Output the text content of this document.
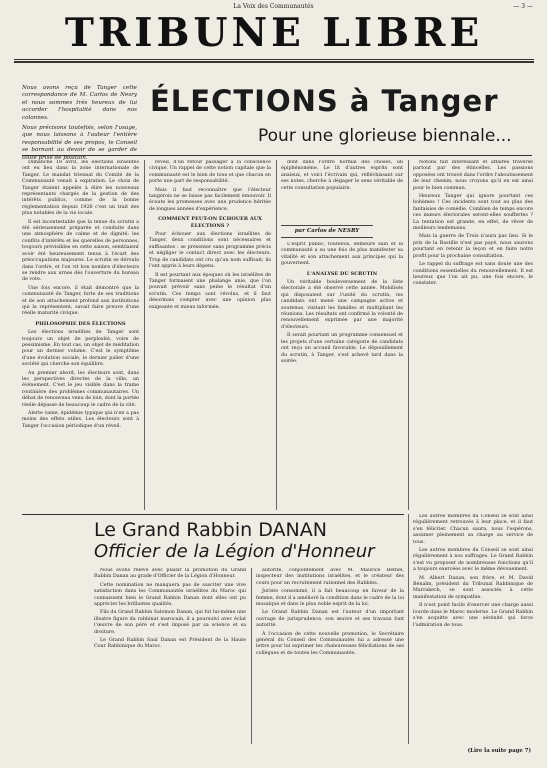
La Voix des Communautés	— 3 —
TRIBUNE LIBRE

Nous avons reçu de Tanger cette correspondance de M. Carlos de Nesry et nous sommes très heureux de lui accorder l'hospitalité dans nos colonnes.

Nous précisons toutefois, selon l'usage, que nous laissons à l'auteur l'entière responsabilité de ses propos, le Conseil se bornant au devoir de se garder de toute prise de position.

ÉLECTIONS à Tanger
Pour une glorieuse biennale...

Dimanche 18 avril, les élections israélites ont eu lieu dans la zone internationale de Tanger. Le mandat triennal du Comité de la Communauté venait à expiration. Le choix de Tanger étaient appelés à élire les nouveaux représentants chargés de la gestion de des intérêts publics, comme de la bonne réglementation depuis 1926 c'est un trait des plus notables de la vie locale.

Il est incontestable que la tenue du scrutin a été sérieusement préparée et conduite dans une atmosphère de calme et de dignité; les conflits d'intérêts et les querelles de personnes, toujours prévisibles en cette saison, semblaient avoir été heureusement tenus à l'écart des préoccupations majeures. Le scrutin se déroula dans l'ordre, et l'on vit bon nombre d'électeurs se rendre aux urnes dès l'ouverture du bureau de vote.

Une fois encore, il était démontré que la communauté de Tanger, forte de ses traditions et de son attachement profond aux institutions qui la représentent, savait faire preuve d'une réelle maturité civique.

PHILOSOPHIE DES ÉLECTIONS

Les élections israélites de Tanger sont toujours un objet de perplexité, voire de pessimisme. En tout cas, un objet de méditation pour un dernier volume. C'est le symptôme d'une évolution sociale, le dernier palier d'une société qui cherche son équilibre.

Au premier abord, les électeurs sont, dans les perspectives directes de la ville, un événement. C'est le jeu visible dans la trame routinière des problèmes communautaires. Un débat de renouveau venu de loin, dont la portée réelle dépasse de beaucoup le cadre de la cité.

Alerte vaine, épidémie typique qui n'en a pas moins des effets utiles. Les électeurs sont à Tanger l'occasion périodique d'un réveil.

réveil, d'un retour passager à la conscience civique. Un rappel de cette notion capitale que la communauté est le bien de tous et que chacun en porte une part de responsabilité.

Mais il faut reconnaître que l'électeur tangérois ne se laisse pas facilement émouvoir. Il écoute les promesses avec une prudence héritée de longues années d'expérience.

COMMENT PEUT-ON ÉCHOUER AUX ÉLECTIONS ?

Pour échouer aux élections israélites de Tanger, deux conditions sont nécessaires et suffisantes : se présenter sans programme précis et négliger le contact direct avec les électeurs. Trop de candidats ont cru qu'un nom suffisait; ils l'ont appris à leurs dépens.

Il est pourtant aux époques où les israélites de Tanger formaient une phalange unie, que l'on pouvait prévoir sans peine le résultat d'un scrutin. Ces temps sont révolus, et il faut désormais compter avec une opinion plus exigeante et mieux informée.

dont dans l'ordre normal des choses, un épiphénomène. Le lit d'autres esprits sont anxieux, et voici l'écrivain qui, réfléchissant sur ses notes, cherche à dégager le sens véritable de cette consultation populaire.

par Carlos de NESRY

L'esprit public, toutefois, demeure sain et la communauté a su une fois de plus manifester sa vitalité et son attachement aux principes qui la gouvernent.

L'ANALYSE DU SCRUTIN

Un véritable bouleversement de la liste électorale a été observé cette année. Mobilisés qui disposaient sur l'unité du scrutin, les candidats ont mené une campagne active et soutenue, visitant les familles et multipliant les réunions. Les résultats ont confirmé la volonté de renouvellement exprimée par une majorité d'électeurs.

Il serait pourtant un programme consensuel et les projets d'une certaine catégorie de candidats ont reçu un accueil favorable. Le dépouillement du scrutin, à Tanger, s'est achevé tard dans la soirée.

Notons fait intéressant et affaires traversé partout par des étincelles. Les passions opposées ont trouvé dans l'ordre l'aboutissement de leur chemin; nous croyons qu'il en est ainsi pour le bien commun.

Heureux Tanger qui ignore pourtant ces bohèmes ! Ces incidents sont tout au plus des fantaisies de comédie. Combien de temps encore ces mœurs électorales seront-elles souffertes ? La tentation est grande, en effet, de rêver de meilleurs lendemains.

Mais la guerre de Trois n'aura pas lieu. Si le prix de la Bastille n'est pas payé, nous saurons pourtant en retenir la leçon et en faire notre profit pour la prochaine consultation.

Le rappel du suffrage est sans doute une des conditions essentielles du renouvellement. Il est heureux que l'on ait pu, une fois encore, le constater.

Le Grand Rabbin DANAN
Officier de la Légion d'Honneur

Nous avons relevé avec plaisir la promotion du Grand Rabbin Danan au grade d'Officier de la Légion d'Honneur.

Cette nomination ne manquera pas de susciter une vive satisfaction dans les Communautés israélites du Maroc qui connaissent bien le Grand Rabbin Danan dont elles ont pu apprécier les brillantes qualités.

Fils du Grand Rabbin Salomon Danan, qui fut lui-même une illustre figure du rabbinat marocain, il a poursuivi avec éclat l'œuvre de son père et s'est imposé par sa science et sa droiture.

Le Grand Rabbin Saul Danan est Président de la Haute Cour Rabbinique du Maroc.

autorité, conjointement avec M. Maurice Bethel, inspecteur des institutions israélites, et le créateur des cours pour un recrutement rationnel des Rabbins.

Juriste consommé, il a fait beaucoup en faveur de la femme, dont il a amélioré la condition dans le cadre de la loi mosaïque et dans le plus noble esprit de la loi.

Le Grand Rabbin Danan est l'auteur d'un important ouvrage de jurisprudence, son œuvre et ses travaux font autorité.

À l'occasion de cette nouvelle promotion, le Secrétaire général du Conseil des Communautés lui a adressé une lettre pour lui exprimer les chaleureuses félicitations de ses collègues et de toutes les Communautés.

Les autres membres du Conseil se sont ainsi régulièrement retrouvés à leur place, et il faut s'en féliciter. Chacun saura, nous l'espérons, assumer pleinement sa charge au service de tous.

Les autres membres du Conseil se sont ainsi régulièrement à nos suffrages. Le Grand Rabbin s'est vu proposer de nombreuses fonctions qu'il a toujours exercées avec le même dévouement.

M. Albert Danan, son frère, et M. David Bénaïm, président du Tribunal Rabbinique de Marrakech, se sont associés à cette manifestation de sympathie.

Il n'est point facile d'exercer une charge aussi lourde dans le Maroc moderne. Le Grand Rabbin s'en acquitte avec une sérénité qui force l'admiration de tous.

(Lire la suite page 7)
